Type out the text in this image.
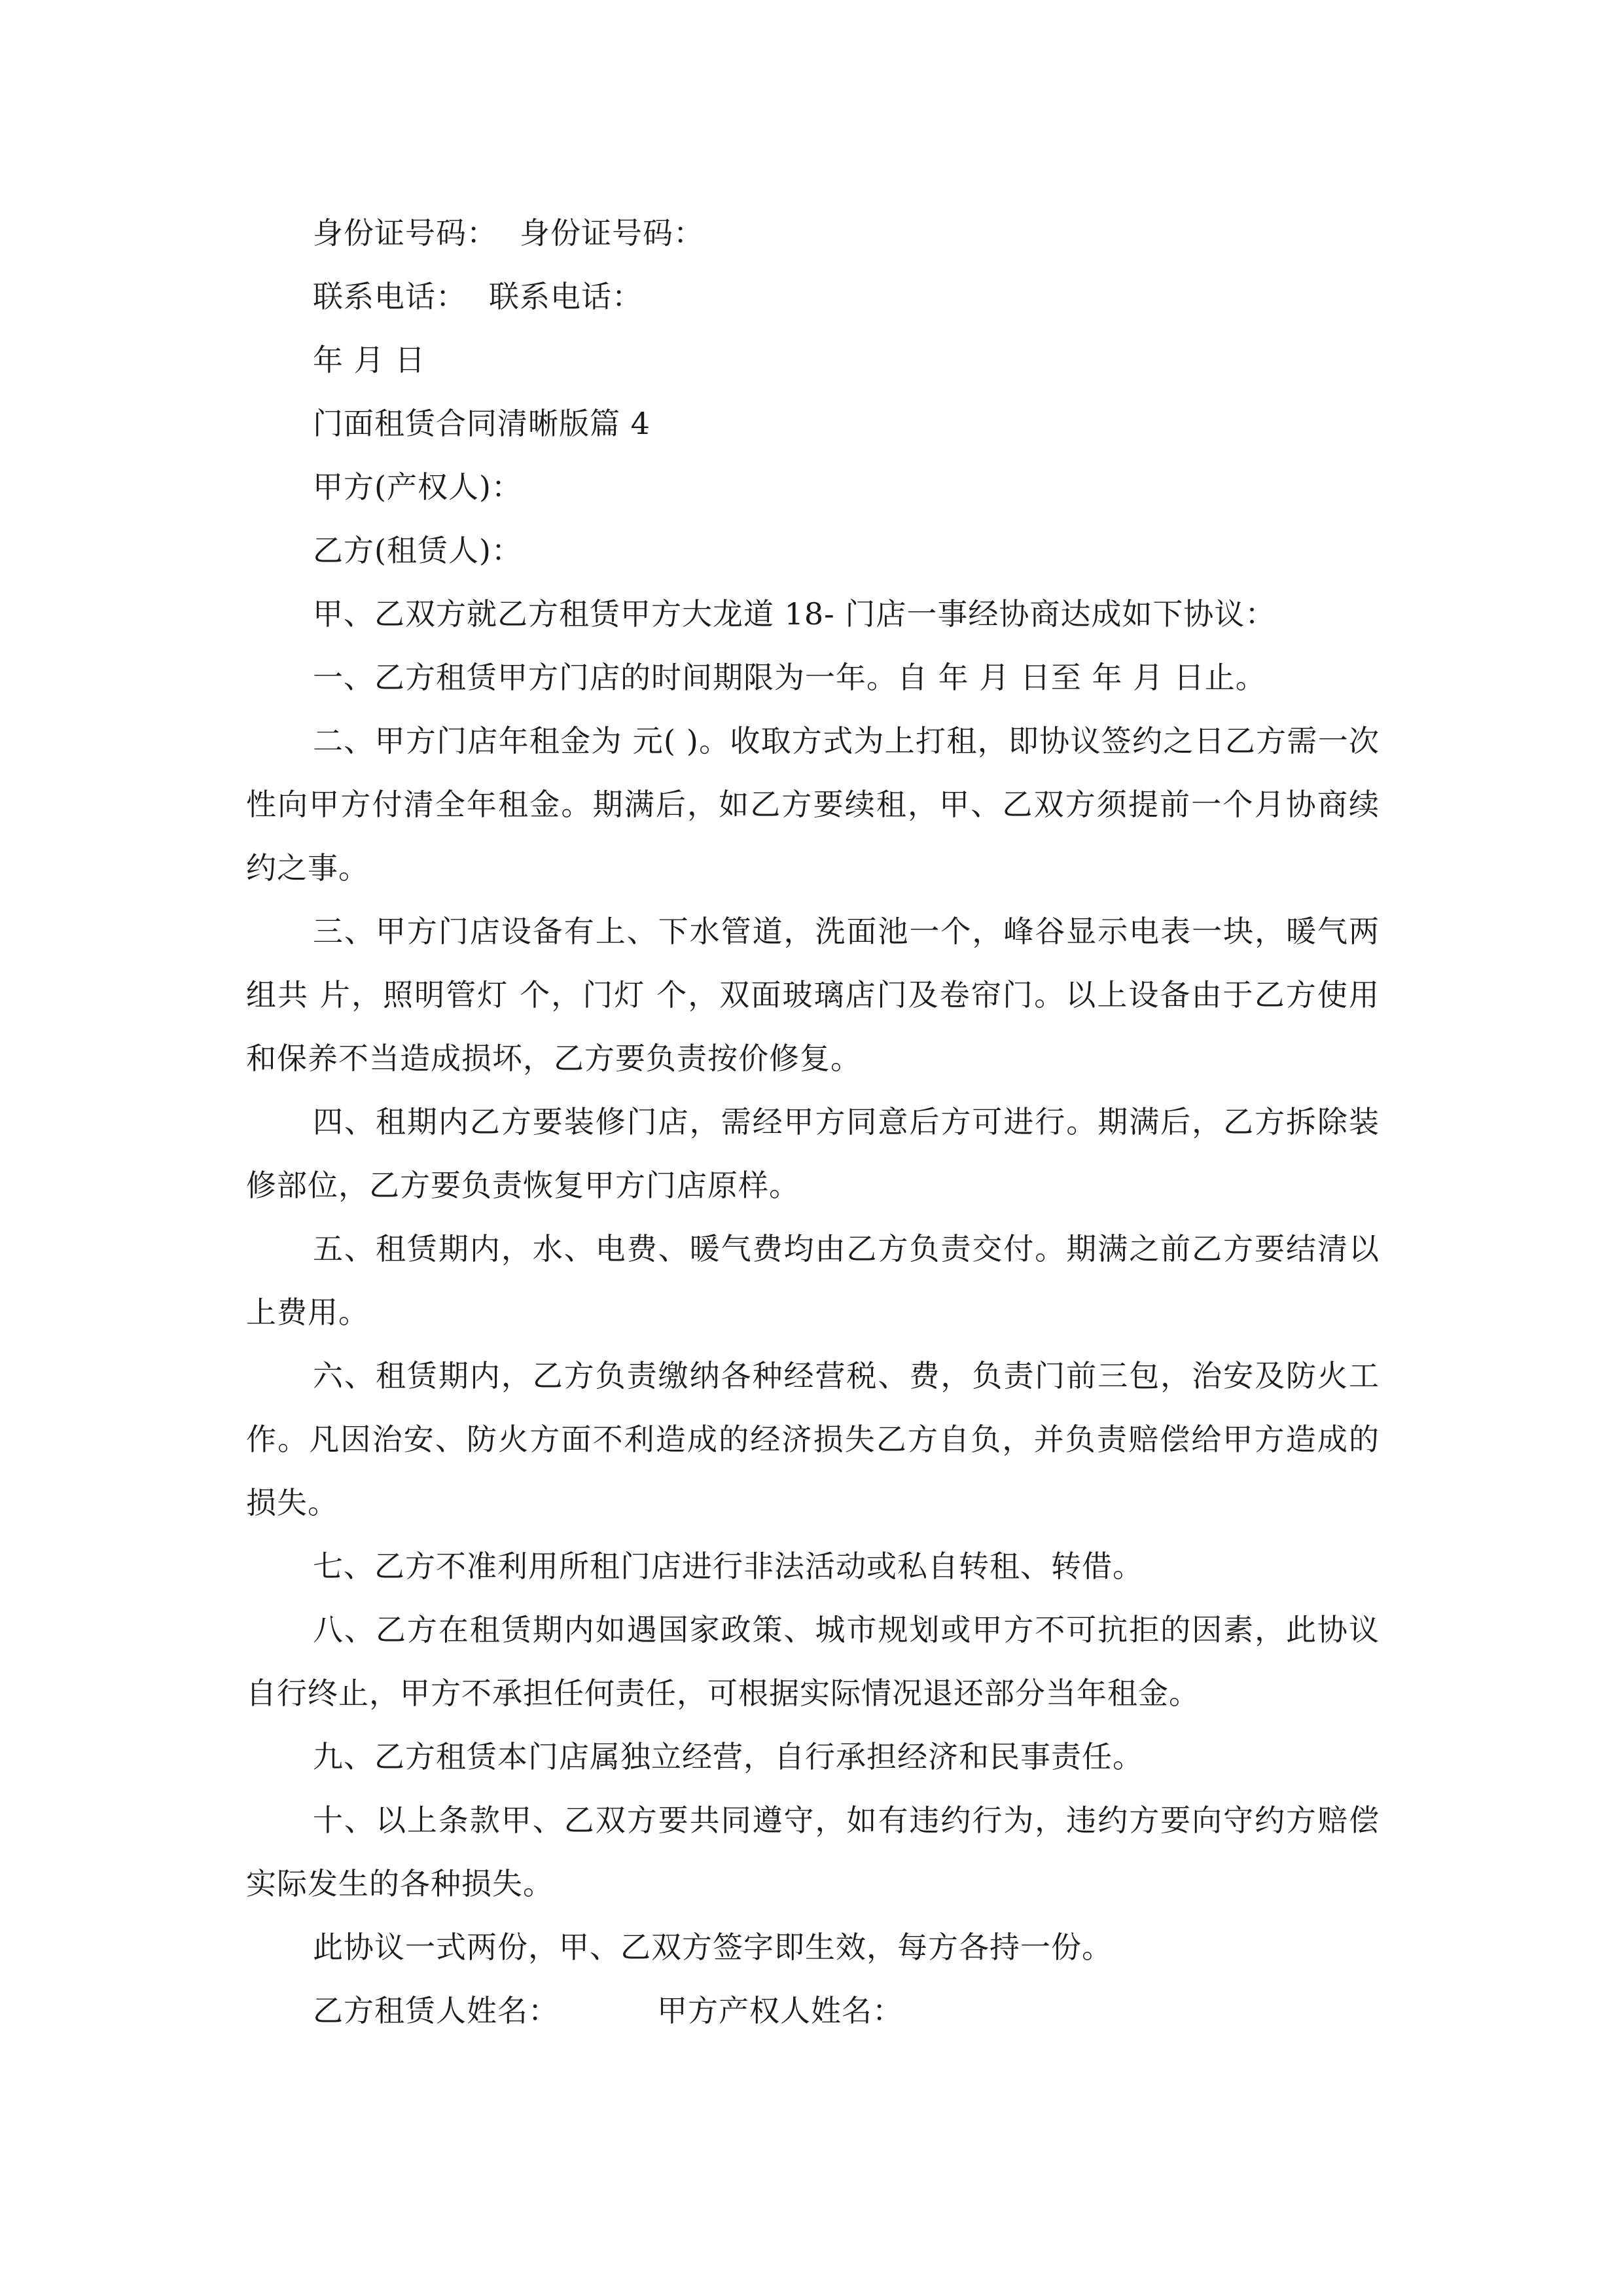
身份证号码： 身份证号码：
联系电话： 联系电话：
年 月 日
门面租赁合同清晰版篇 4
甲方(产权人)：
乙方(租赁人)：
甲、乙双方就乙方租赁甲方大龙道 18- 门店一事经协商达成如下协议：
一、乙方租赁甲方门店的时间期限为一年。自 年 月 日至 年 月 日止。
二、甲方门店年租金为 元( )。收取方式为上打租，即协议签约之日乙方需一次性向甲方付清全年租金。期满后，如乙方要续租，甲、乙双方须提前一个月协商续约之事。
三、甲方门店设备有上、下水管道，洗面池一个，峰谷显示电表一块，暖气两组共 片，照明管灯 个，门灯 个，双面玻璃店门及卷帘门。以上设备由于乙方使用和保养不当造成损坏，乙方要负责按价修复。
四、租期内乙方要装修门店，需经甲方同意后方可进行。期满后，乙方拆除装修部位，乙方要负责恢复甲方门店原样。
五、租赁期内，水、电费、暖气费均由乙方负责交付。期满之前乙方要结清以上费用。
六、租赁期内，乙方负责缴纳各种经营税、费，负责门前三包，治安及防火工作。凡因治安、防火方面不利造成的经济损失乙方自负，并负责赔偿给甲方造成的损失。
七、乙方不准利用所租门店进行非法活动或私自转租、转借。
八、乙方在租赁期内如遇国家政策、城市规划或甲方不可抗拒的因素，此协议自行终止，甲方不承担任何责任，可根据实际情况退还部分当年租金。
九、乙方租赁本门店属独立经营，自行承担经济和民事责任。
十、以上条款甲、乙双方要共同遵守，如有违约行为，违约方要向守约方赔偿实际发生的各种损失。
此协议一式两份，甲、乙双方签字即生效，每方各持一份。
乙方租赁人姓名：	甲方产权人姓名：
